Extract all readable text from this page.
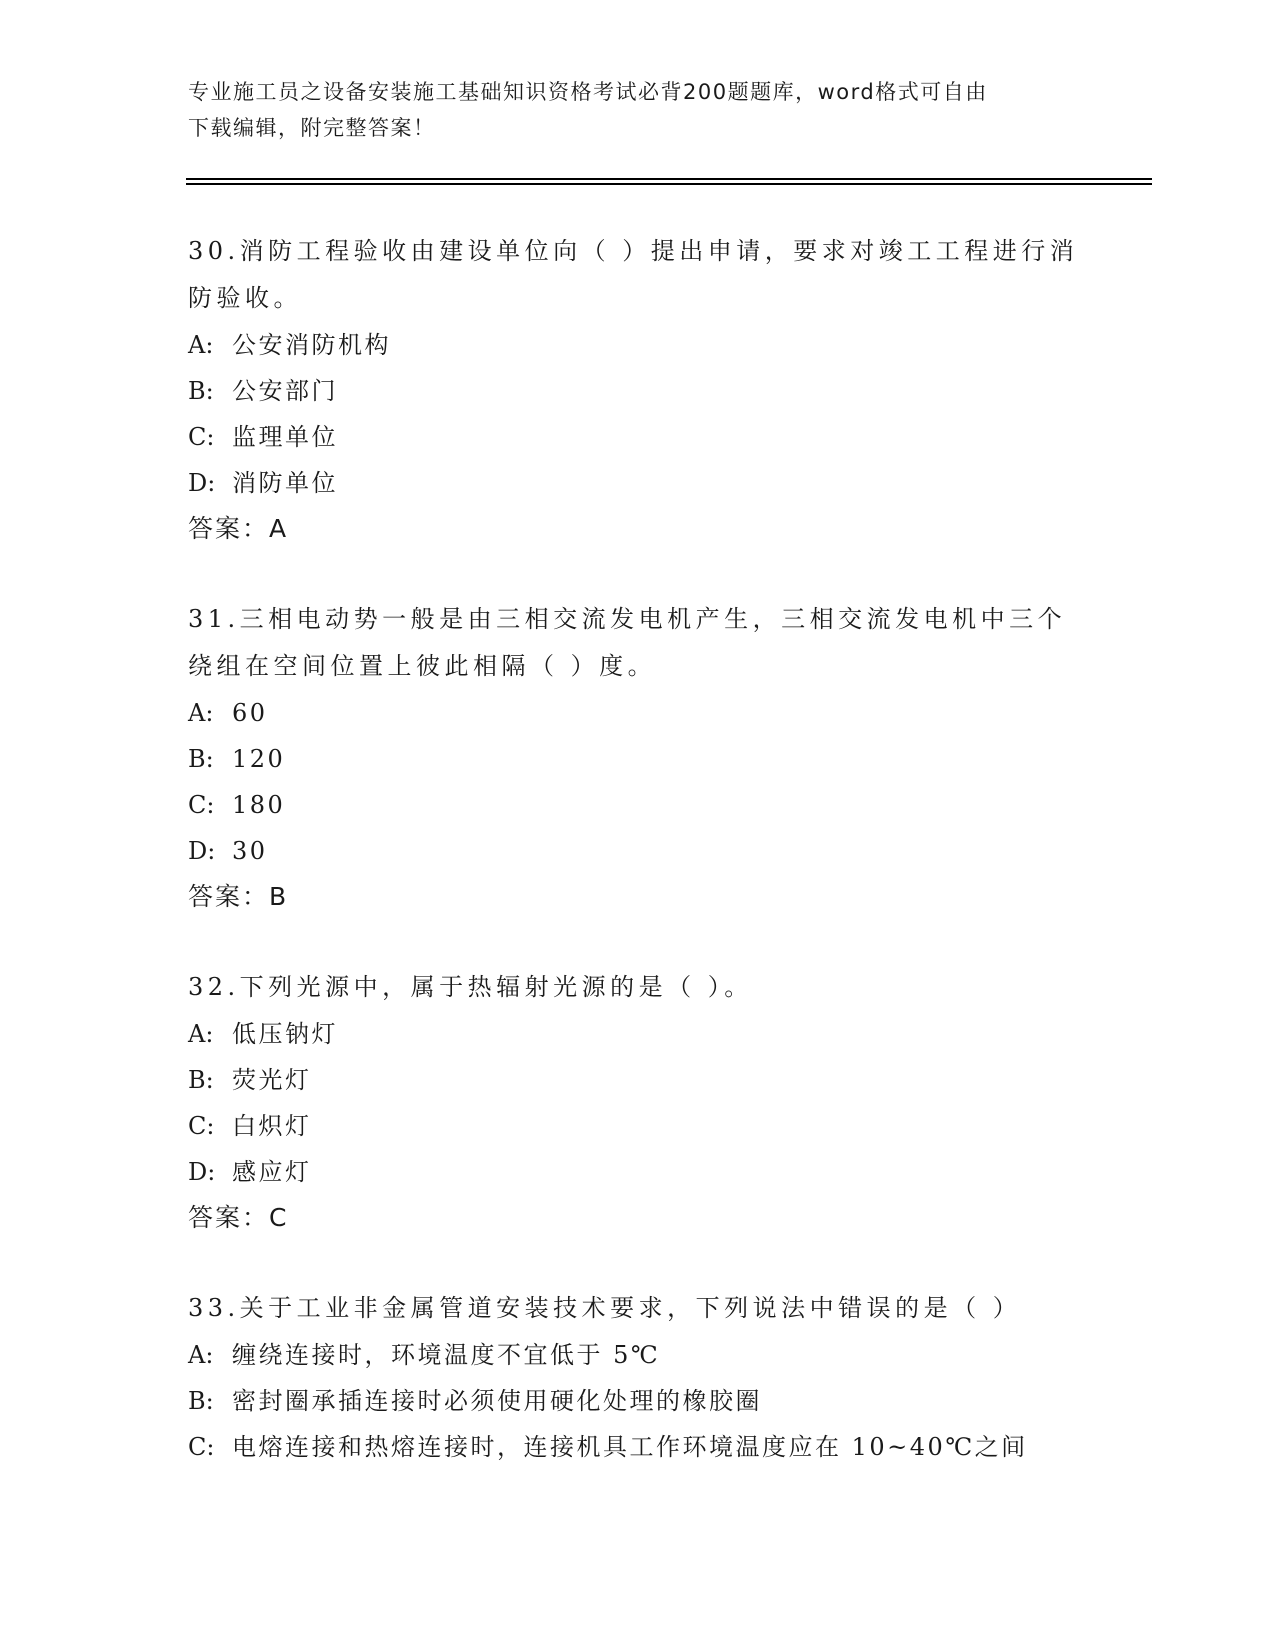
专业施工员之设备安装施工基础知识资格考试必背200题题库，word格式可自由
下载编辑，附完整答案！
30.消防工程验收由建设单位向（ ）提出申请，要求对竣工工程进行消防验收。
A: 公安消防机构
B: 公安部门
C: 监理单位
D: 消防单位
答案：A
31.三相电动势一般是由三相交流发电机产生，三相交流发电机中三个绕组在空间位置上彼此相隔（ ）度。
A: 60
B: 120
C: 180
D: 30
答案：B
32.下列光源中，属于热辐射光源的是（ ）。
A: 低压钠灯
B: 荧光灯
C: 白炽灯
D: 感应灯
答案：C
33.关于工业非金属管道安装技术要求，下列说法中错误的是（ ）
A: 缠绕连接时，环境温度不宜低于 5℃
B: 密封圈承插连接时必须使用硬化处理的橡胶圈
C: 电熔连接和热熔连接时，连接机具工作环境温度应在 10~40℃之间
